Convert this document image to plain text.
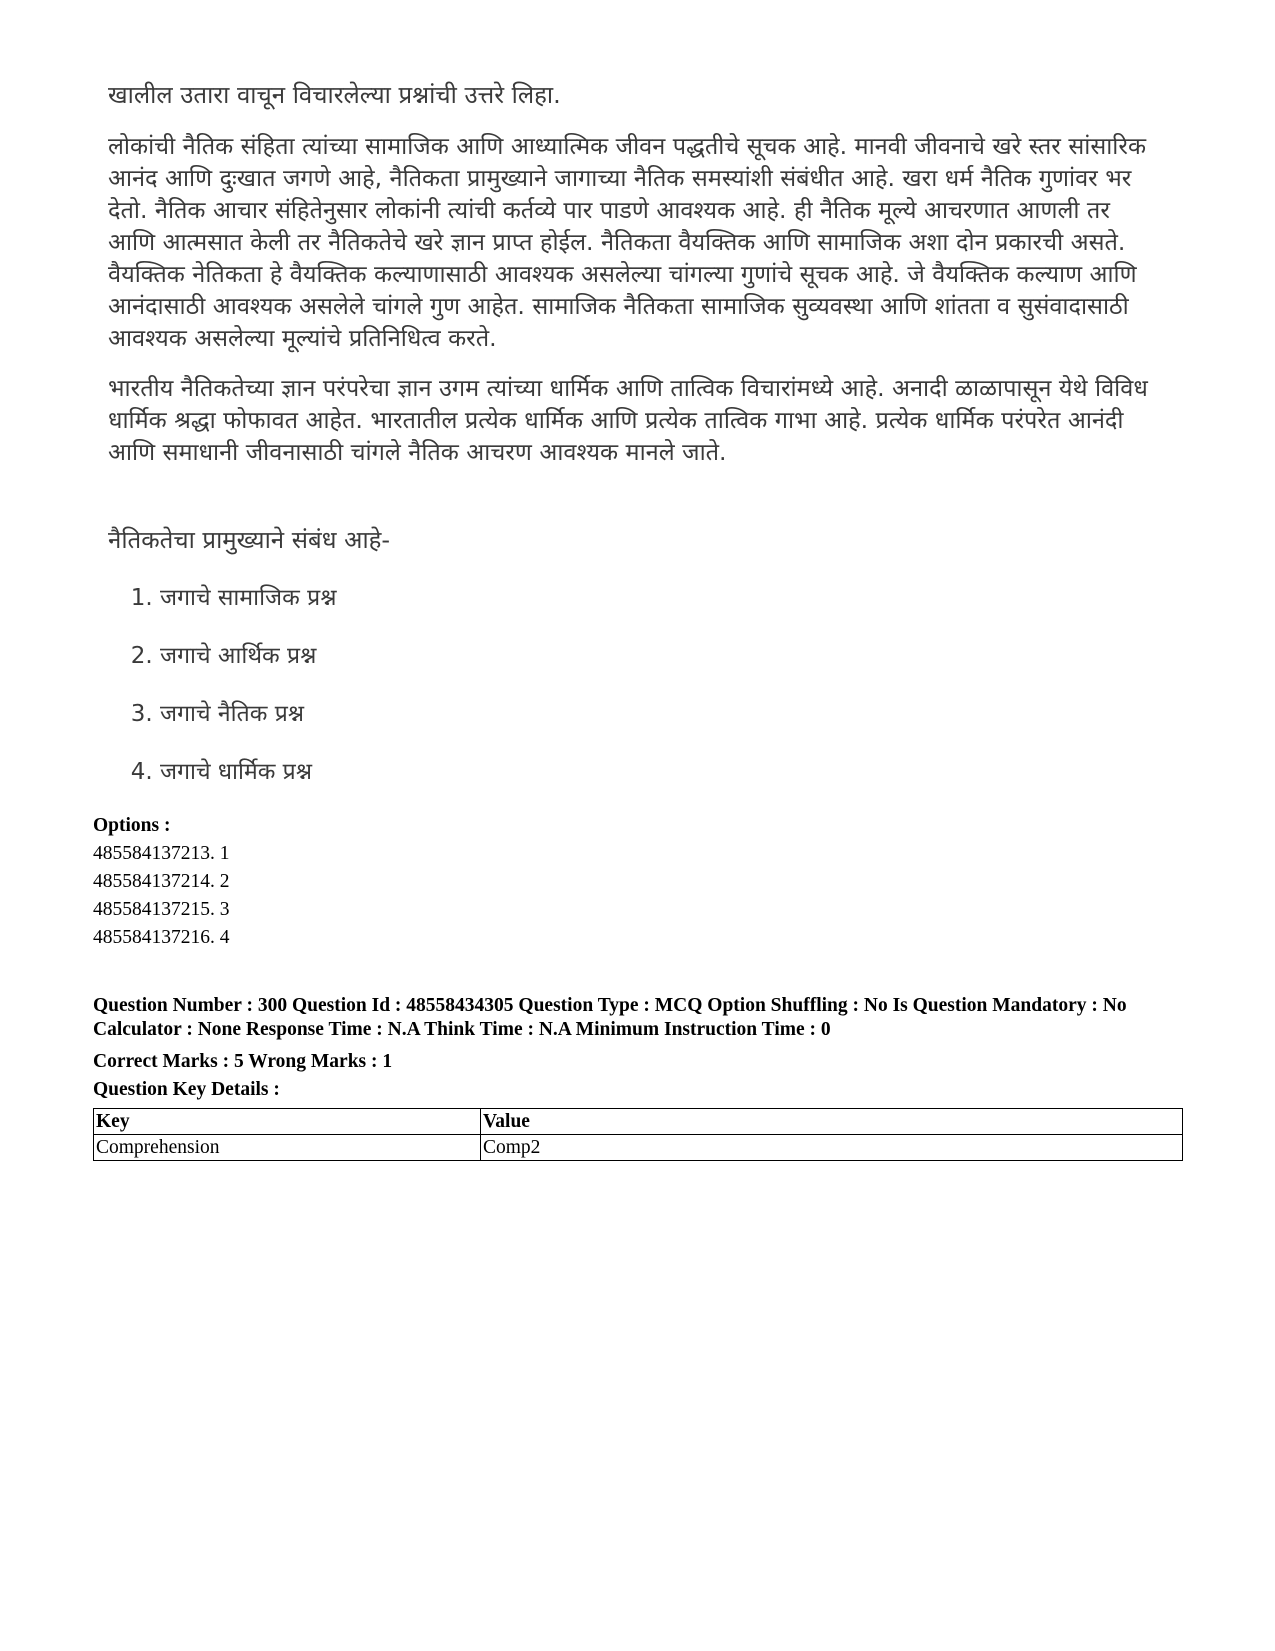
खालील उतारा वाचून विचारलेल्या प्रश्नांची उत्तरे लिहा.

लोकांची नैतिक संहिता त्यांच्या सामाजिक आणि आध्यात्मिक जीवन पद्धतीचे सूचक आहे. मानवी जीवनाचे खरे स्तर सांसारिक आनंद आणि दुःखात जगणे आहे, नैतिकता प्रामुख्याने जागाच्या नैतिक समस्यांशी संबंधीत आहे. खरा धर्म नैतिक गुणांवर भर देतो. नैतिक आचार संहितेनुसार लोकांनी त्यांची कर्तव्ये पार पाडणे आवश्यक आहे. ही नैतिक मूल्ये आचरणात आणली तर आणि आत्मसात केली तर नैतिकतेचे खरे ज्ञान प्राप्त होईल. नैतिकता वैयक्तिक आणि सामाजिक अशा दोन प्रकारची असते. वैयक्तिक नेतिकता हे वैयक्तिक कल्याणासाठी आवश्यक असलेल्या चांगल्या गुणांचे सूचक आहे. जे वैयक्तिक कल्याण आणि आनंदासाठी आवश्यक असलेले चांगले गुण आहेत. सामाजिक नैतिकता सामाजिक सुव्यवस्था आणि शांतता व सुसंवादासाठी आवश्यक असलेल्या मूल्यांचे प्रतिनिधित्व करते.

भारतीय नैतिकतेच्या ज्ञान परंपरेचा ज्ञान उगम त्यांच्या धार्मिक आणि तात्विक विचारांमध्ये आहे. अनादी ळाळापासून येथे विविध धार्मिक श्रद्धा फोफावत आहेत. भारतातील प्रत्येक धार्मिक आणि प्रत्येक तात्विक गाभा आहे. प्रत्येक धार्मिक परंपरेत आनंदी आणि समाधानी जीवनासाठी चांगले नैतिक आचरण आवश्यक मानले जाते.

नैतिकतेचा प्रामुख्याने संबंध आहे-
1. जगाचे सामाजिक प्रश्न
2. जगाचे आर्थिक प्रश्न
3. जगाचे नैतिक प्रश्न
4. जगाचे धार्मिक प्रश्न
Options :
485584137213. 1
485584137214. 2
485584137215. 3
485584137216. 4
Question Number : 300 Question Id : 48558434305 Question Type : MCQ Option Shuffling : No Is Question Mandatory : No Calculator : None Response Time : N.A Think Time : N.A Minimum Instruction Time : 0
Correct Marks : 5 Wrong Marks : 1
Question Key Details :
Key	Value
Comprehension	Comp2
